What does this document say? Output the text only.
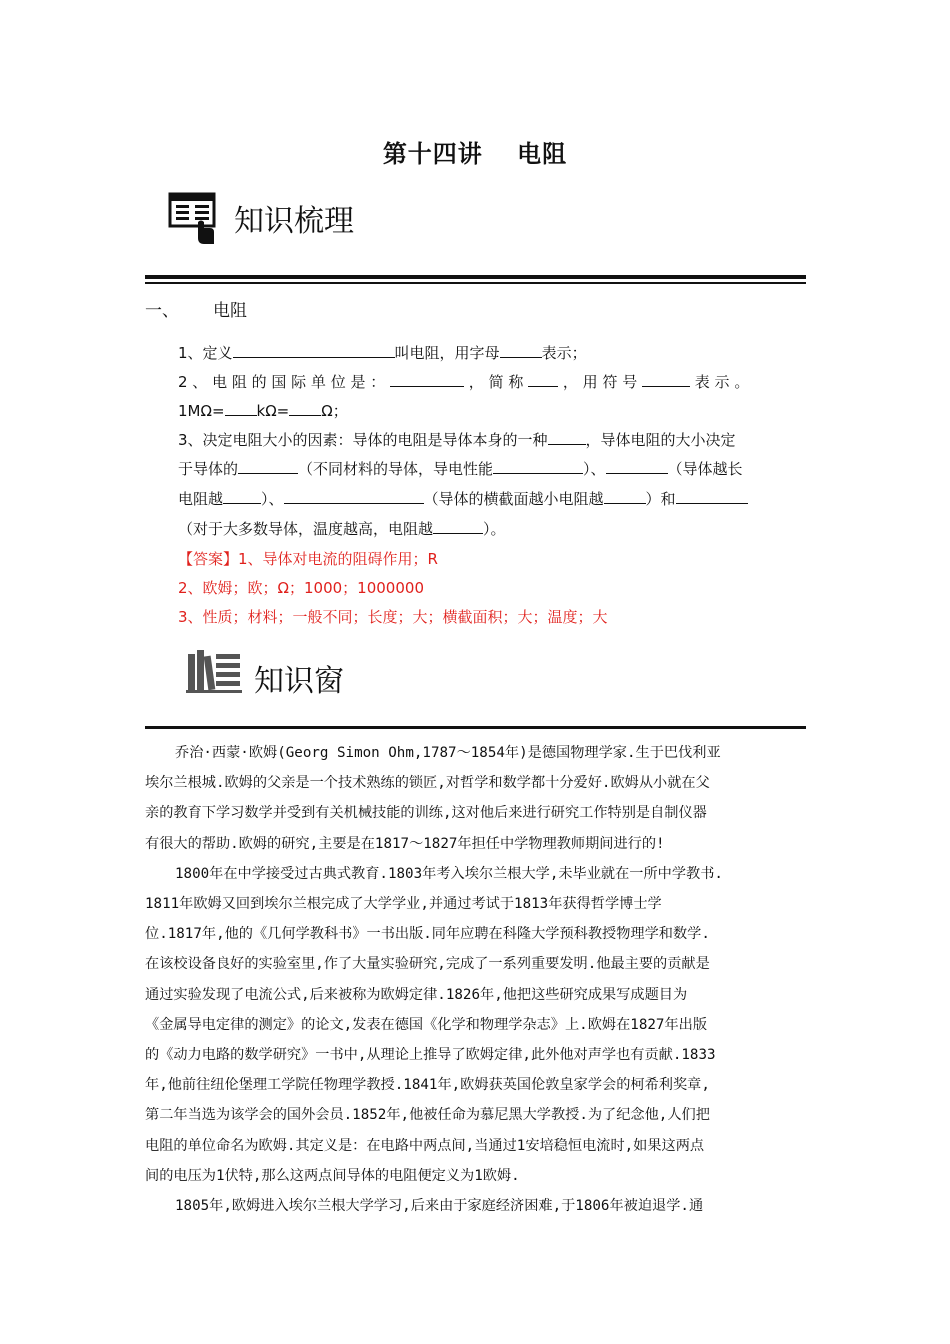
第十四讲　 电阻
知识梳理
一、 电阻
1、定义	叫电阻，用字母	表示；
2 、 电 阻 的 国 际 单 位 是 ：	， 简 称	， 用 符 号	表 示 。
1MΩ= kΩ= Ω；
3、决定电阻大小的因素：导体的电阻是导体本身的一种	，导体电阻的大小决定
于导体的	（不同材料的导体，导电性能	）、	（导体越长
电阻越	）、	（导体的横截面越小电阻越	）和
（对于大多数导体，温度越高，电阻越	）。
【答案】1、导体对电流的阻碍作用；R
2、欧姆；欧；Ω；1000；1000000
3、性质；材料；一般不同；长度；大；横截面积；大；温度；大
知识窗
乔治·西蒙·欧姆(Georg Simon Ohm,1787～1854年)是德国物理学家.生于巴伐利亚
埃尔兰根城.欧姆的父亲是一个技术熟练的锁匠,对哲学和数学都十分爱好.欧姆从小就在父
亲的教育下学习数学并受到有关机械技能的训练,这对他后来进行研究工作特别是自制仪器
有很大的帮助.欧姆的研究,主要是在1817～1827年担任中学物理教师期间进行的!
1800年在中学接受过古典式教育.1803年考入埃尔兰根大学,未毕业就在一所中学教书.
1811年欧姆又回到埃尔兰根完成了大学学业,并通过考试于1813年获得哲学博士学
位.1817年,他的《几何学教科书》一书出版.同年应聘在科隆大学预科教授物理学和数学.
在该校设备良好的实验室里,作了大量实验研究,完成了一系列重要发明.他最主要的贡献是
通过实验发现了电流公式,后来被称为欧姆定律.1826年,他把这些研究成果写成题目为
《金属导电定律的测定》的论文,发表在德国《化学和物理学杂志》上.欧姆在1827年出版
的《动力电路的数学研究》一书中,从理论上推导了欧姆定律,此外他对声学也有贡献.1833
年,他前往纽伦堡理工学院任物理学教授.1841年,欧姆获英国伦敦皇家学会的柯希利奖章,
第二年当选为该学会的国外会员.1852年,他被任命为慕尼黑大学教授.为了纪念他,人们把
电阻的单位命名为欧姆.其定义是：在电路中两点间,当通过1安培稳恒电流时,如果这两点
间的电压为1伏特,那么这两点间导体的电阻便定义为1欧姆.
1805年,欧姆进入埃尔兰根大学学习,后来由于家庭经济困难,于1806年被迫退学.通
